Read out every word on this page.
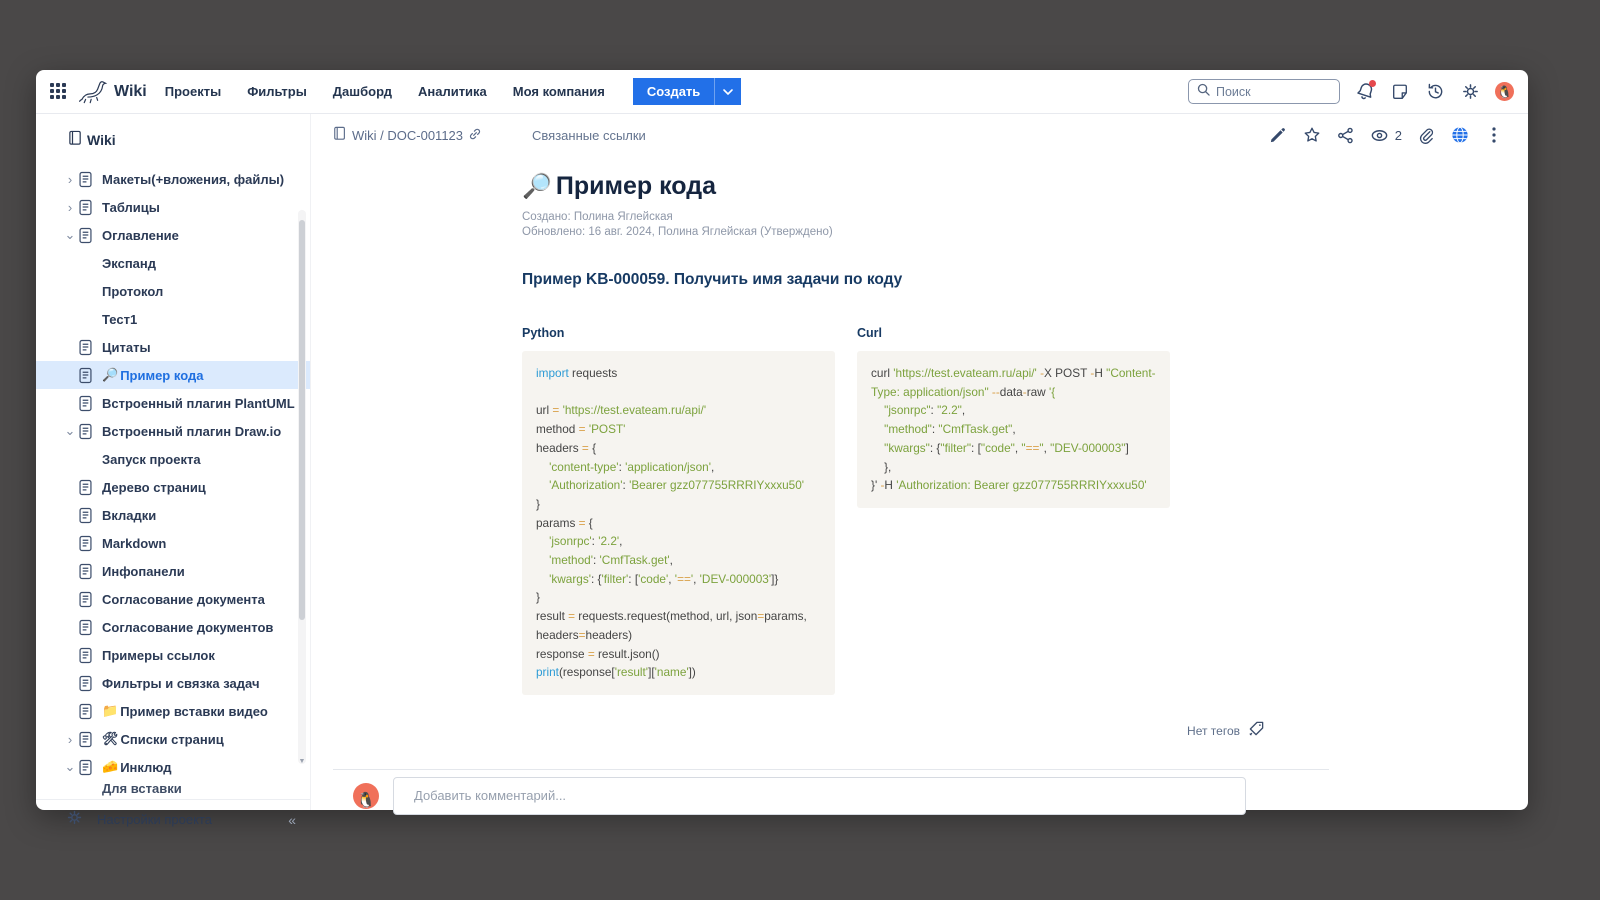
Wiki Проекты Фильтры Дашборд Аналитика Моя компания	Создать
Поиск	🐧
Wiki
›	Макеты(+вложения, файлы)
›	Таблицы
⌄ Оглавление
Экспанд
Протокол
Тест1
Цитаты
🔎 Пример кода
Встроенный плагин PlantUML
⌄ Встроенный плагин Draw.io
Запуск проекта
Дерево страниц
Вкладки
Markdown
Инфопанели
Согласование документа
Согласование документов
Примеры ссылок
Фильтры и связка задач
📁 Пример вставки видео
›	🛠 Списки страниц
⌄ 🧀 Инклюд
Для вставки
▼
Настройки проекта	«
Wiki / DOC-001123	Связанные ссылки	2
🔎 Пример кода
Создано: Полина Яглейская
Обновлено: 16 авг. 2024, Полина Яглейская (Утверждено)
Пример KB-000059. Получить имя задачи по коду
Python
import requests

url = 'https://test.evateam.ru/api/'
method = 'POST'
headers = {
'content-type': 'application/json',
'Authorization': 'Bearer gzz077755RRRIYxxxu50'
}
params = {
'jsonrpc': '2.2',
'method': 'CmfTask.get',
'kwargs': {'filter': ['code', '==', 'DEV-000003']}
}
result = requests.request(method, url, json=params,
headers=headers)
response = result.json()
print(response['result']['name'])
Curl
curl 'https://test.evateam.ru/api/' -X POST -H "Content-
Type: application/json" --data-raw '{
"jsonrpc": "2.2",
"method": "CmfTask.get",
"kwargs": {"filter": ["code", "==", "DEV-000003"]
},
}' -H 'Authorization: Bearer gzz077755RRRIYxxxu50'
Нет тегов
🐧
Добавить комментарий...
